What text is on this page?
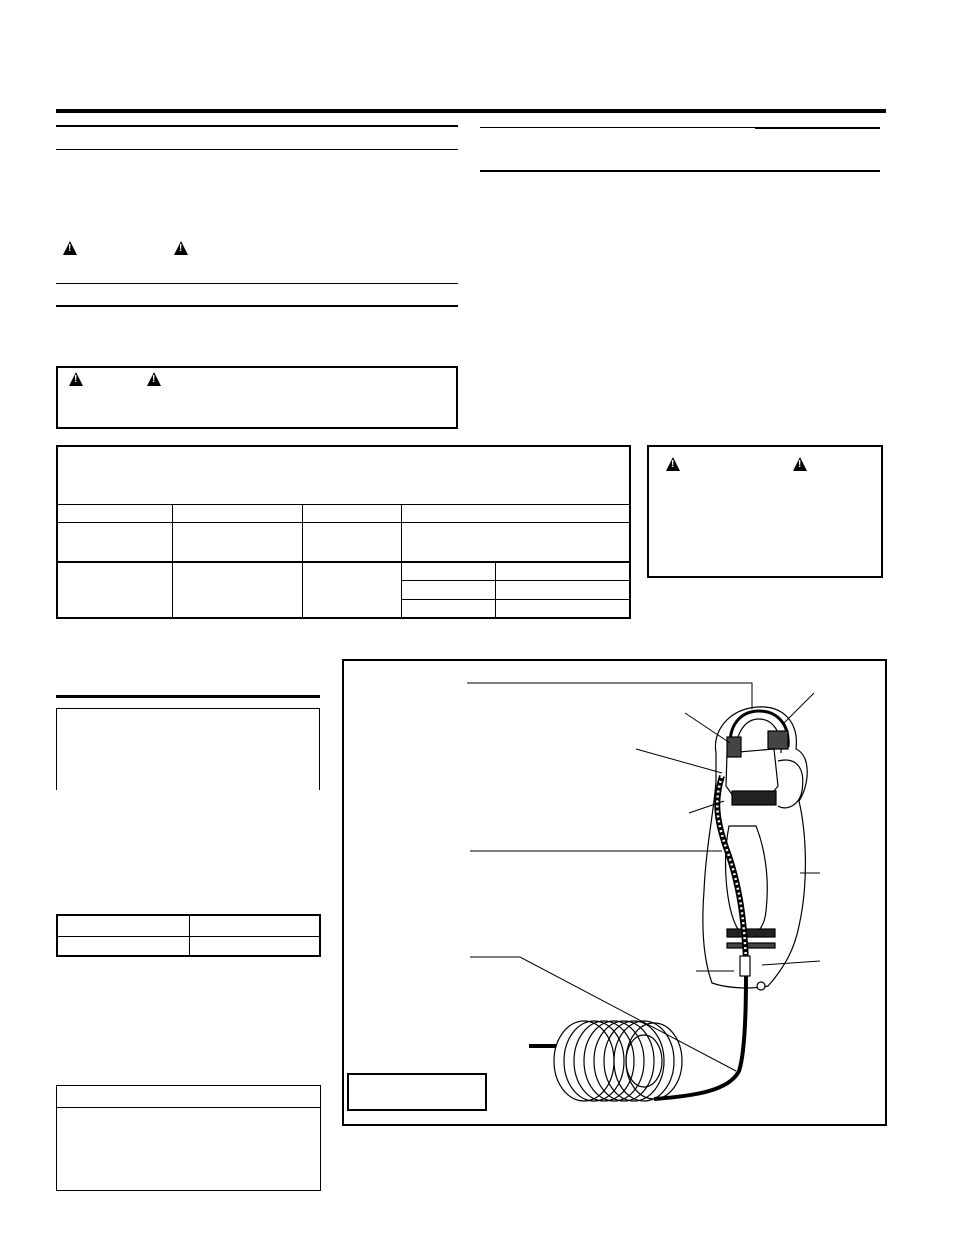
!
!
!
!
!
!
